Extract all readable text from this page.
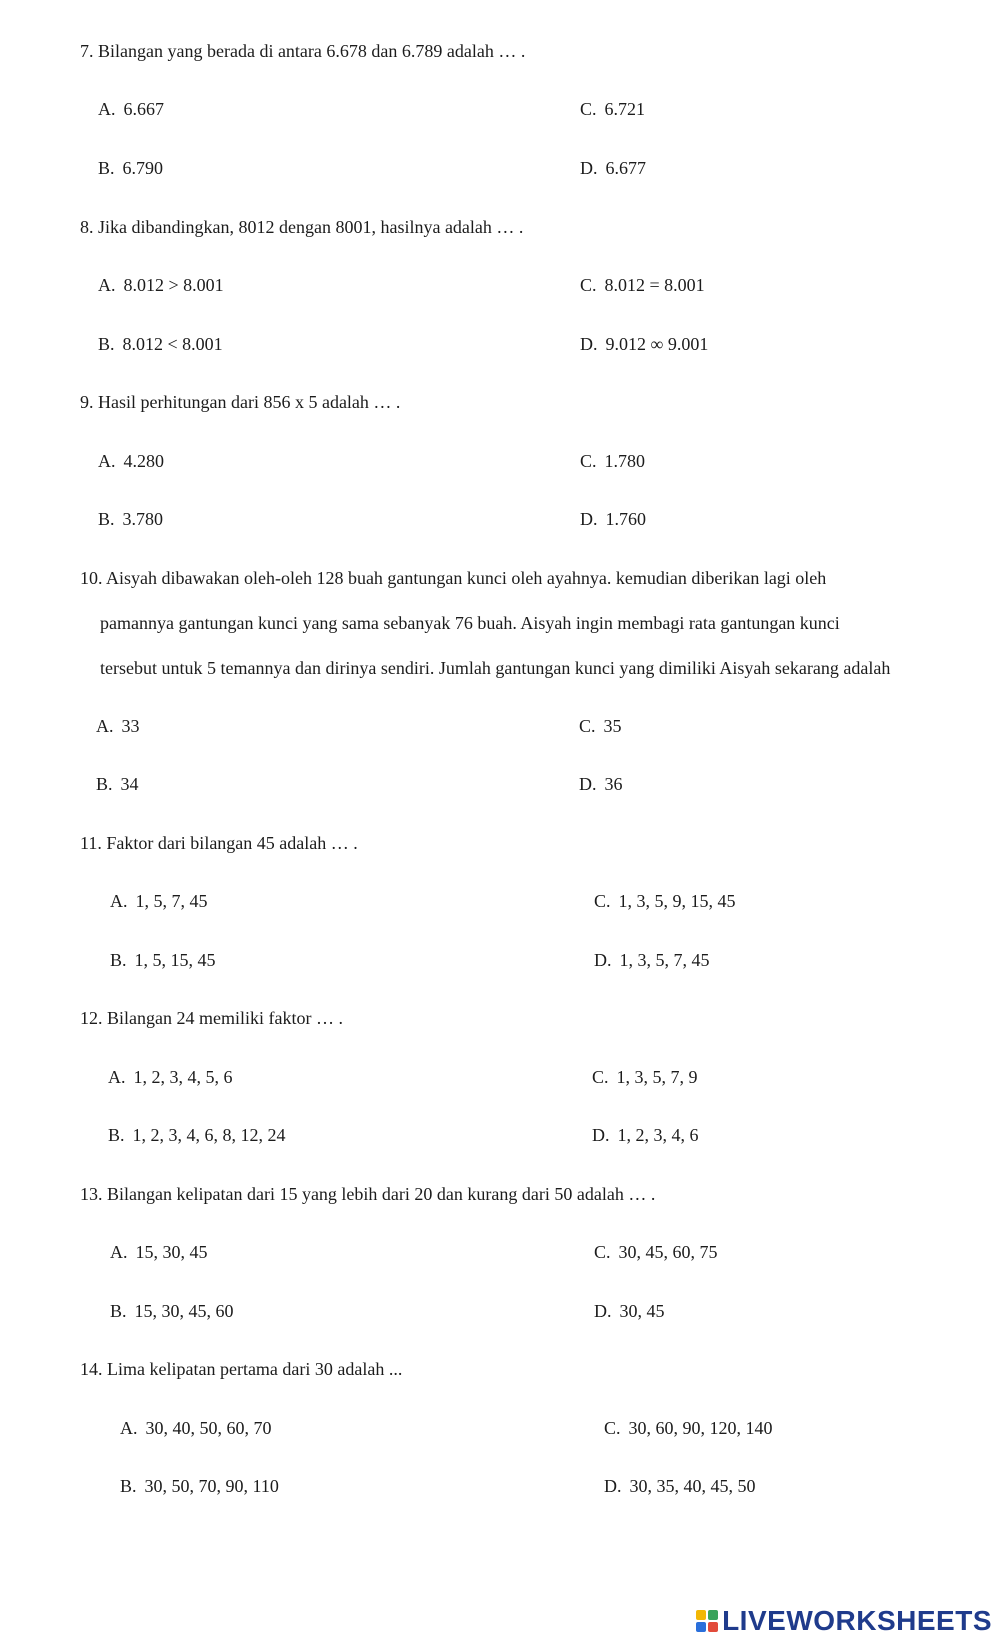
7. Bilangan yang berada di antara 6.678 dan 6.789 adalah … .
A. 6.667	C. 6.721
B. 6.790	D. 6.677
8. Jika dibandingkan, 8012 dengan 8001, hasilnya adalah … .
A. 8.012 > 8.001	C. 8.012 = 8.001
B. 8.012 < 8.001	D. 9.012 ∞ 9.001
9. Hasil perhitungan dari 856 x 5 adalah … .
A. 4.280	C. 1.780
B. 3.780	D. 1.760
10. Aisyah dibawakan oleh-oleh 128 buah gantungan kunci oleh ayahnya. kemudian diberikan lagi oleh
pamannya gantungan kunci yang sama sebanyak 76 buah. Aisyah ingin membagi rata gantungan kunci
tersebut untuk 5 temannya dan dirinya sendiri. Jumlah gantungan kunci yang dimiliki Aisyah sekarang adalah
A. 33	C. 35
B. 34	D. 36
11. Faktor dari bilangan 45 adalah … .
A. 1, 5, 7, 45	C. 1, 3, 5, 9, 15, 45
B. 1, 5, 15, 45	D. 1, 3, 5, 7, 45
12. Bilangan 24 memiliki faktor … .
A. 1, 2, 3, 4, 5, 6	C. 1, 3, 5, 7, 9
B. 1, 2, 3, 4, 6, 8, 12, 24	D. 1, 2, 3, 4, 6
13. Bilangan kelipatan dari 15 yang lebih dari 20 dan kurang dari 50 adalah … .
A. 15, 30, 45	C. 30, 45, 60, 75
B. 15, 30, 45, 60	D. 30, 45
14. Lima kelipatan pertama dari 30 adalah ...
A. 30, 40, 50, 60, 70	C. 30, 60, 90, 120, 140
B. 30, 50, 70, 90, 110	D. 30, 35, 40, 45, 50
LIVEWORKSHEETS
